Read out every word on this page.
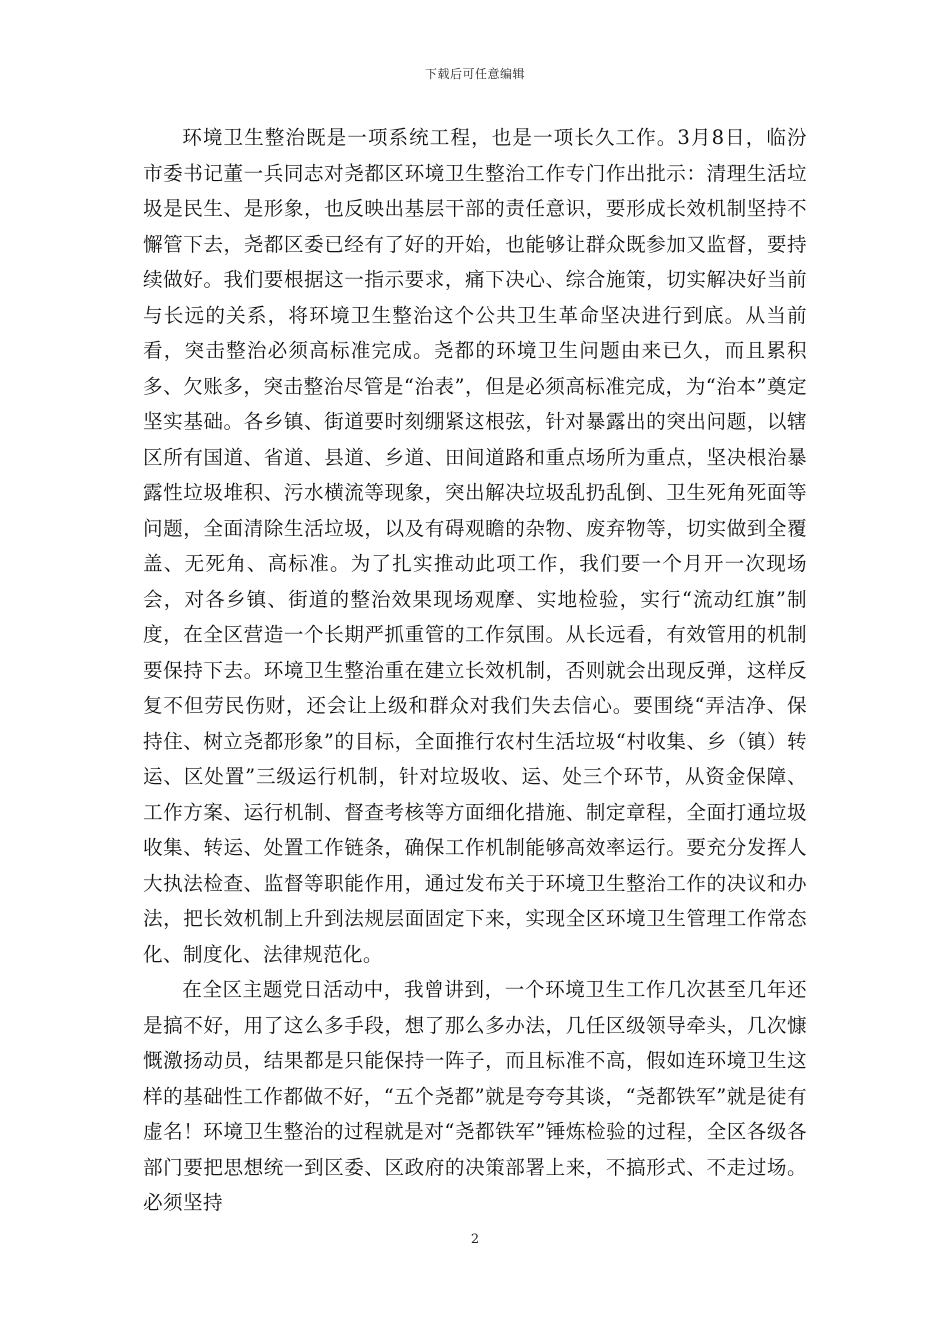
下载后可任意编辑

环境卫生整治既是一项系统工程，也是一项长久工作。3月8日，临汾市委书记董一兵同志对尧都区环境卫生整治工作专门作出批示：清理生活垃圾是民生、是形象，也反映出基层干部的责任意识，要形成长效机制坚持不懈管下去，尧都区委已经有了好的开始，也能够让群众既参加又监督，要持续做好。我们要根据这一指示要求，痛下决心、综合施策，切实解决好当前与长远的关系，将环境卫生整治这个公共卫生革命坚决进行到底。从当前看，突击整治必须高标准完成。尧都的环境卫生问题由来已久，而且累积多、欠账多，突击整治尽管是“治表”，但是必须高标准完成，为“治本”奠定坚实基础。各乡镇、街道要时刻绷紧这根弦，针对暴露出的突出问题，以辖区所有国道、省道、县道、乡道、田间道路和重点场所为重点，坚决根治暴露性垃圾堆积、污水横流等现象，突出解决垃圾乱扔乱倒、卫生死角死面等问题，全面清除生活垃圾，以及有碍观瞻的杂物、废弃物等，切实做到全覆盖、无死角、高标准。为了扎实推动此项工作，我们要一个月开一次现场会，对各乡镇、街道的整治效果现场观摩、实地检验，实行“流动红旗”制度，在全区营造一个长期严抓重管的工作氛围。从长远看，有效管用的机制要保持下去。环境卫生整治重在建立长效机制，否则就会出现反弹，这样反复不但劳民伤财，还会让上级和群众对我们失去信心。要围绕“弄洁净、保持住、树立尧都形象”的目标，全面推行农村生活垃圾“村收集、乡（镇）转运、区处置”三级运行机制，针对垃圾收、运、处三个环节，从资金保障、工作方案、运行机制、督查考核等方面细化措施、制定章程，全面打通垃圾收集、转运、处置工作链条，确保工作机制能够高效率运行。要充分发挥人大执法检查、监督等职能作用，通过发布关于环境卫生整治工作的决议和办法，把长效机制上升到法规层面固定下来，实现全区环境卫生管理工作常态化、制度化、法律规范化。

在全区主题党日活动中，我曾讲到，一个环境卫生工作几次甚至几年还是搞不好，用了这么多手段，想了那么多办法，几任区级领导牵头，几次慷慨激扬动员，结果都是只能保持一阵子，而且标准不高，假如连环境卫生这样的基础性工作都做不好，“五个尧都”就是夸夸其谈，“尧都铁军”就是徒有虚名！环境卫生整治的过程就是对“尧都铁军”锤炼检验的过程，全区各级各部门要把思想统一到区委、区政府的决策部署上来，不搞形式、不走过场。必须坚持

2
